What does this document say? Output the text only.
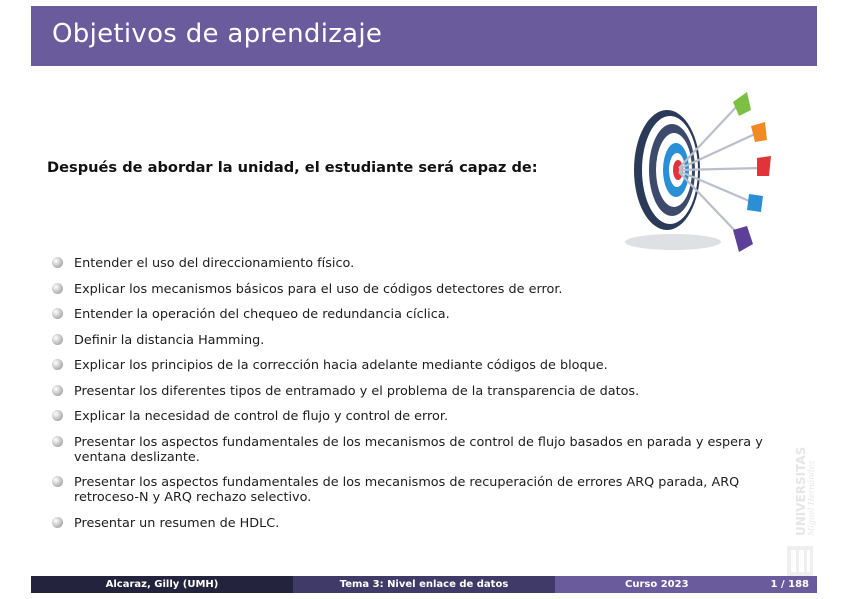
Objetivos de aprendizaje
Después de abordar la unidad, el estudiante será capaz de:
Entender el uso del direccionamiento físico.
Explicar los mecanismos básicos para el uso de códigos detectores de error.
Entender la operación del chequeo de redundancia cíclica.
Definir la distancia Hamming.
Explicar los principios de la corrección hacia adelante mediante códigos de bloque.
Presentar los diferentes tipos de entramado y el problema de la transparencia de datos.
Explicar la necesidad de control de flujo y control de error.
Presentar los aspectos fundamentales de los mecanismos de control de flujo basados en parada y espera y ventana deslizante.
Presentar los aspectos fundamentales de los mecanismos de recuperación de errores ARQ parada, ARQ retroceso-N y ARQ rechazo selectivo.
Presentar un resumen de HDLC.	UNIVERSITAS Miguel Hernández
Alcaraz, Gilly (UMH)	Tema 3: Nivel enlace de datos	Curso 2023	1 / 188
